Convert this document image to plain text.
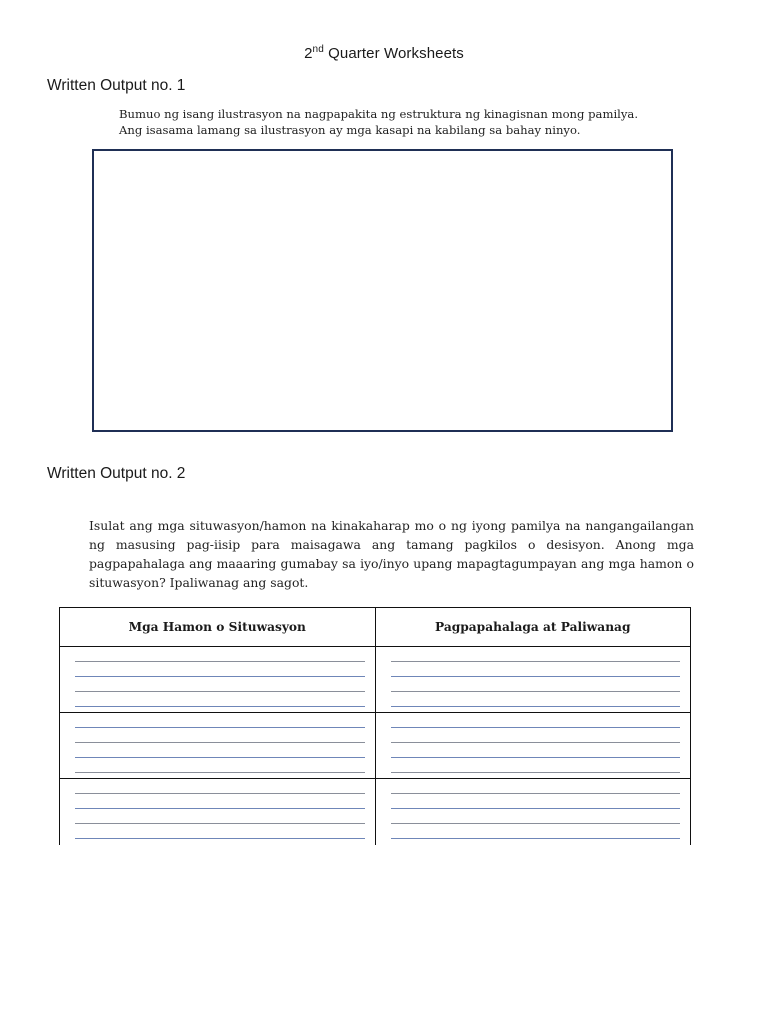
2nd Quarter Worksheets
Written Output no. 1
Bumuo ng isang ilustrasyon na nagpapakita ng estruktura ng kinagisnan mong pamilya.
Ang isasama lamang sa ilustrasyon ay mga kasapi na kabilang sa bahay ninyo.
Written Output no. 2
Isulat ang mga situwasyon/hamon na kinakaharap mo o ng iyong pamilya na nangangailangan ng masusing pag-iisip para maisagawa ang tamang pagkilos o desisyon. Anong mga pagpapahalaga ang maaaring gumabay sa iyo/inyo upang mapagtagumpayan ang mga hamon o situwasyon? Ipaliwanag ang sagot.
Mga Hamon o Situwasyon	Pagpapahalaga at Paliwanag
